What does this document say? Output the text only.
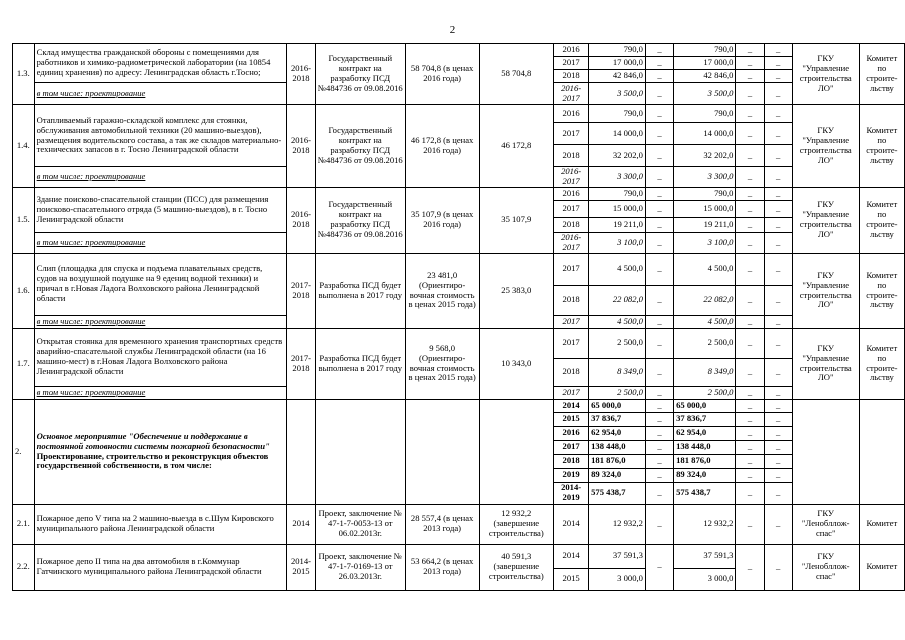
2
1.3.	Склад имущества гражданской обороны с помещениями для работников и химико-радиометрической лаборатории (на 10854 единиц хранения) по адресу: Ленинградская область г.Тосно;	2016-2018	Государственный контракт на разработку ПСД №484736 от 09.08.2016	58 704,8 (в ценах 2016 года)	58 704,8	2016	790,0	_	790,0	_	_	ГКУ "Управление строительства ЛО"	Комитет по строите-льству
						2017	17 000,0	_	17 000,0	_	_		
						2018	42 846,0	_	42 846,0	_	_		
	в том числе: проектирование					2016-2017	3 500,0	_	3 500,0	_	_		
1.4.	Отапливаемый гаражно-складской комплекс для стоянки, обслуживания автомобильной техники (20 машино-выездов), размещения водительского состава, а так же складов материально-технических запасов в г. Тосно Ленинградской области	2016-2018	Государственный контракт на разработку ПСД №484736 от 09.08.2016	46 172,8 (в ценах 2016 года)	46 172,8	2016	790,0	_	790,0	_	_	ГКУ "Управление строительства ЛО"	Комитет по строите-льству
						2017	14 000,0	_	14 000,0	_	_		
						2018	32 202,0	_	32 202,0	_	_		
	в том числе: проектирование					2016-2017	3 300,0	_	3 300,0	_	_		
1.5.	Здание поисково-спасательной станции (ПСС) для размещения поисково-спасательного отряда (5 машино-выездов), в г. Тосно Ленинградской области	2016-2018	Государственный контракт на разработку ПСД №484736 от 09.08.2016	35 107,9 (в ценах 2016 года)	35 107,9	2016	790,0	_	790,0	_	_	ГКУ "Управление строительства ЛО"	Комитет по строите-льству
						2017	15 000,0	_	15 000,0	_	_		
						2018	19 211,0	_	19 211,0	_	_		
	в том числе: проектирование					2016-2017	3 100,0	_	3 100,0	_	_		
1.6.	Слип (площадка для спуска и подъема плавательных средств, судов на воздушной подушке на 9 едениц водной техники) и причал в г.Новая Ладога Волховского района Ленинградской области	2017-2018	Разработка ПСД будет выполнена в 2017 году	23 481,0 (Ориентиро-вочная стоимость в ценах 2015 года)	25 383,0	2017	4 500,0	_	4 500,0	_	_	ГКУ "Управление строительства ЛО"	Комитет по строите-льству
						2018	22 082,0	_	22 082,0	_	_		
	в том числе: проектирование					2017	4 500,0	_	4 500,0	_	_		
1.7.	Открытая стоянка для временного хранения транспортных средств аварийно-спасательной службы Ленинградской области (на 16 машино-мест) в г.Новая Ладога Волховского района Ленинградской области	2017-2018	Разработка ПСД будет выполнена в 2017 году	9 568,0 (Ориентиро-вочная стоимость в ценах 2015 года)	10 343,0	2017	2 500,0	_	2 500,0	_	_	ГКУ "Управление строительства ЛО"	Комитет по строите-льству
						2018	8 349,0	_	8 349,0	_	_		
	в том числе: проектирование					2017	2 500,0	_	2 500,0	_	_		
2.	Основное мероприятие "Обеспечение и поддержание в постоянной готовности системы пожарной безопасности"
Проектирование, строительство и реконструкция объектов государственной собственности, в том числе:					2014	65 000,0	_	65 000,0	_	_		
						2015	37 836,7	_	37 836,7	_	_		
						2016	62 954,0	_	62 954,0	_	_		
						2017	138 448,0	_	138 448,0	_	_		
						2018	181 876,0	_	181 876,0	_	_		
						2019	89 324,0	_	89 324,0	_	_		
						2014-2019	575 438,7	_	575 438,7	_	_		
2.1.	Пожарное депо V типа на 2 машино-выезда в с.Шум Кировского муниципального района Ленинградской области	2014	Проект, заключение № 47-1-7-0053-13 от 06.02.2013г.	28 557,4 (в ценах 2013 года)	12 932,2 (завершение строительства)	2014	12 932,2	_	12 932,2	_	_	ГКУ "Ленобллож-спас"	Комитет
2.2.	Пожарное депо II типа на два автомобиля в г.Коммунар Гатчинского муниципального района Ленинградской области	2014-2015	Проект, заключение № 47-1-7-0169-13 от 26.03.2013г.	53 664,2 (в ценах 2013 года)	40 591,3 (завершение строительства)	2014	37 591,3	–	37 591,3	_	_	ГКУ "Ленобллож-спас"	Комитет
						2015	3 000,0		3 000,0				
